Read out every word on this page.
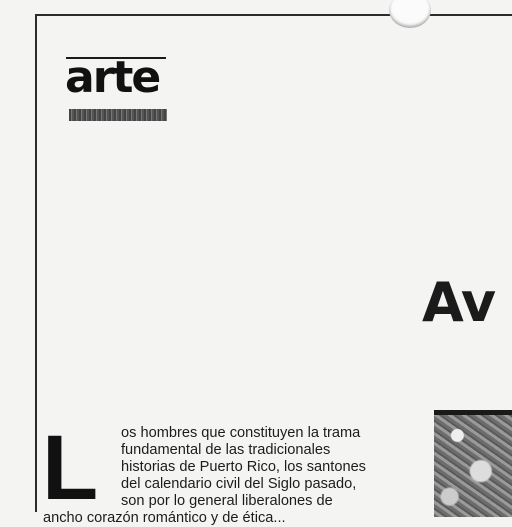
arte
Av
L os hombres que constituyen la trama
fundamental de las tradicionales
historias de Puerto Rico, los santones
del calendario civil del Siglo pasado,
son por lo general liberalones de
ancho corazón romántico y de ética...
